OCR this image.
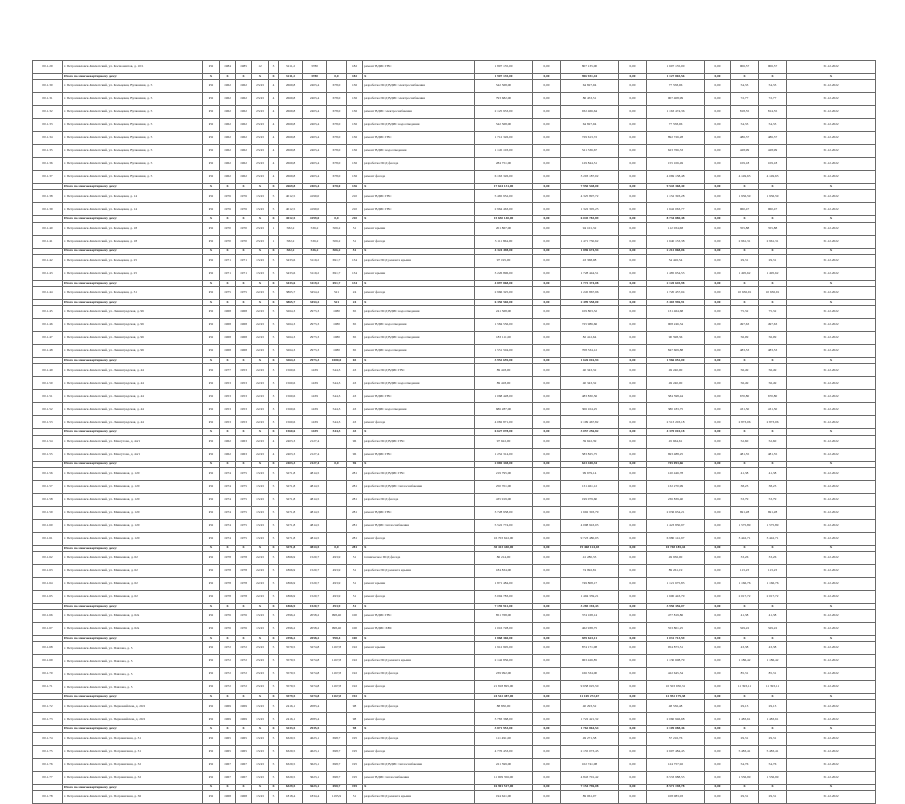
00.1.29	г. Петропавловск-Камчатский, ул. Космонавтов, д. 10/1	РО	1984	1985	12	3	3211,2	3780		182	ремонт ВДИС ГВС	1 807 135,00	0,00	807 135,00	0,00	1 607 135,00	0,00	906,57	906,57	31.12.2022
	Итого по многоквартирному дому:	Х	Х	Х	Х	Х	3211,2	3780	0,0	182	Х	1 907 135,00	0,00	906 931,44	0,00	1 127 865,56	0,00	Х	Х	Х
00.1.30	г. Петропавловск-Камчатский, ул. Кольцевая, Вулканная, д. 5	РО	1962	1962	23/43	4	2669,8	2403,4	678,0	136	разработка ПСД ВДИС электроснабжения	542 568,00	0,00	64 827,94	0,00	77 558,06	0,00	54,33	54,33	31.12.2022
00.1.31	г. Петропавловск-Камчатский, ул. Кольцевая, Вулканная, д. 5	РО	1962	1962	23/43	4	2669,8	2403,4	678,0	136	разработка ПСД ВДИС электроснабжения	793 682,00	0,00	86 453,51	0,00	907 408,99	0,00	72,77	72,77	31.12.2022
00.1.32	г. Петропавловск-Камчатский, ул. Кольцевая, Вулканная, д. 5	РО	1962	1962	23/43	4	2669,8	2403,4	678,0	136	ремонт ВДИС электроснабжения	2 125 933,00	0,00	932 466,64	0,00	1 163 474,36	0,00	818,55	814,55	31.12.2022
00.1.33	г. Петропавловск-Камчатский, ул. Кольцевая, Вулканная, д. 5	РО	1962	1962	23/43	4	2669,8	2403,4	678,0	136	разработка ПСД ВДИС водоотведения	542 568,00	0,00	64 827,94	0,00	77 558,06	0,00	54,33	54,33	31.12.2022
00.1.34	г. Петропавловск-Камчатский, ул. Кольцевая, Вулканная, д. 5	РО	1962	1962	23/43	4	2669,8	2403,4	678,0	136	ремонт ВДИС ГВС	1 712 326,00	0,00	729 613,72	0,00	892 726,28	0,00	486,37	486,37	31.12.2022
00.1.35	г. Петропавловск-Камчатский, ул. Кольцевая, Вулканная, д. 5	РО	1962	1962	23/43	4	2669,8	2403,4	678,0	136	ремонт ВДИС водоотведения	1 145 103,00	0,00	521 336,67	0,00	623 766,33	0,00	428,99	428,99	31.12.2022
00.1.36	г. Петропавловск-Камчатский, ул. Кольцевая, Вулканная, д. 5	РО	1962	1962	23/43	4	2669,8	2403,4	678,0	136	разработка ПСД фасада	284 751,00	0,00	129 844,51	0,00	155 106,49	0,00	109,18	109,18	31.12.2022
00.1.37	г. Петропавловск-Камчатский, ул. Кольцевая, Вулканная, д. 5	РО	1962	1962	23/43	4	2669,8	2403,4	678,0	136	ремонт фасада	6 163 326,00	0,00	3 203 187,02	0,00	4 069 138,48	0,00	4 149,63	4 149,63	31.12.2022
	Итого по многоквартирному дому:	Х	Х	Х	Х	Х	2669,8	2403,4	678,0	136	Х	17 624 131,00	0,00	7 950 548,00	0,00	9 543 368,40	0,00	Х	Х	Х
00.1.38	г. Петропавловск-Камчатский, ул. Кольцевая, д. 14	РО	1976	1976	13/43	5	4012,5	4199,0		210	ремонт ВДИС ГВС	5 465 952,00	0,00	4 325 897,72	0,00	1 152 393,28	0,00	1 936,59	1 936,59	31.12.2022
00.1.39	г. Петропавловск-Камчатский, ул. Кольцевая, д. 14	РО	1976	1976	13/43	5	4012,5	4199,0		210	ремонт ВДИС ГВС	2 964 463,00	0,00	1 322 305,23	0,00	1 642 063,77	0,00	960,47	960,47	31.12.2022
	Итого по многоквартирному дому:	Х	Х	Х	Х	Х	4012,5	4199,0	0,0	210	Х	15 650 140,00	0,00	6 045 783,89	0,00	8 734 880,48	0,00	Х	Х	Х
00.1.40	г. Петропавловск-Камчатский, ул. Кольцевая, д. 18	РО	1970	1970	23/43	1	582,2	536,2	506,2	51	ремонт крыши	201 867,00	0,00	94 101,32	0,00	112 034,68	0,00	355,88	355,88	31.12.2022
00.1.41	г. Петропавловск-Камчатский, ул. Кольцевая, д. 18	РО	1970	1970	23/43	1	582,2	536,2	506,2	51	ремонт фасада	3 111 864,00	0,00	1 471 730,62	0,00	1 640 133,38	0,00	2 961,31	2 961,31	31.12.2022
	Итого по многоквартирному дому:	Х	Х	Х	Х	Х	582,2	536,2	506,2	51	Х	4 324 498,00	0,00	1 896 674,94	0,00	2 212 868,06	0,00	Х	Х	Х
00.1.42	г. Петропавловск-Камчатский, ул. Кольцевая, д. 25	РО	1971	1971	13/43	5	3433,6	3119,2	691,7	134	разработка ПСД ремонта крыши	97 195,00	0,00	43 368,98	0,00	54 426,54	0,00	29,31	29,31	31.12.2022
00.1.43	г. Петропавловск-Камчатский, ул. Кольцевая, д. 25	РО	1971	1971	13/43	5	3433,6	3119,2	691,7	134	ремонт крыши	3 226 896,00	0,00	1 728 444,51	0,00	1 485 654,53	0,00	1 495,62	1 495,62	31.12.2022
	Итого по многоквартирному дому:	Х	Х	Х	Х	Х	3433,6	3119,2	691,7	134	Х	4 897 868,00	0,00	1 772 374,08	0,00	2 120 645,98	0,00	Х	Х	Х
00.1.44	г. Петропавловск-Камчатский, ул. Кольцевая, д. 31	РО	1975	1975	22/43	5	3865,7	3454,2	521	24	ремонт фасада	2 966 325,00	0,00	1 245 867,96	0,00	1 720 457,04	0,00	10 636,91	10 636,91	31.12.2022
	Итого по многоквартирному дому:	Х	Х	Х	Х	Х	3865,7	3454,2	521	24	Х	6 350 560,00	0,00	2 499 558,00	0,00	3 403 996,91	0,00	Х	Х	Х
00.1.45	г. Петропавловск-Камчатский, ул. Ленинградская, д. 96	РО	1968	1968	22/43	5	3264,3	2973,3	1080	65	разработка ПСД ВДИС водоотведения	241 568,00	0,00	109 803,32	0,00	131 464,68	0,00	75,32	75,32	31.12.2022
00.1.46	г. Петропавловск-Камчатский, ул. Ленинградская, д. 96	РО	1968	1968	22/43	5	3264,3	2973,3	1080	65	ремонт ВДИС водоотведения	1 584 556,00	0,00	725 986,66	0,00	908 246,34	0,00	497,63	497,63	31.12.2022
00.1.47	г. Петропавловск-Камчатский, ул. Ленинградская, д. 96	РО	1968	1968	22/43	5	3264,3	2973,3	1080	65	разработка ПСД ВДИС водоотведения	183 111,00	0,00	82 412,64	0,00	90 598,36	0,00	56,09	56,09	31.12.2022
00.1.48	г. Петропавловск-Камчатский, ул. Ленинградская, д. 96	РО	1968	1968	22/43	5	3264,3	2973,3	1080	65	ремонт ВДИС водоотведения	1 551 504,00	0,00	708 334,12	0,00	847 609,88	0,00	483,53	483,53	31.12.2022
	Итого по многоквартирному дому:	Х	Х	Х	Х	Х	3264,3	2973,3	1080,0	65	Х	3 952 659,00	0,00	1 626 016,94	0,00	1 966 052,00	0,00	Х	Х	Х
00.1.49	г. Петропавловск-Камчатский, ул. Ленинградская, д. 44	РО	1977	1953	22/43	3	1560,6	1439	544,3	43	разработка ПСД ВДИС ГВС	89 418,00	0,00	40 343,32	0,00	49 240,00	0,00	56,49	56,49	31.12.2022
00.1.50	г. Петропавловск-Камчатский, ул. Ленинградская, д. 44	РО	1953	1953	22/43	3	1560,6	1439	544,3	43	разработка ПСД ВДИС водоотведения	89 418,00	0,00	40 343,32	0,00	49 240,00	0,00	56,49	56,49	31.12.2022
00.1.51	г. Петропавловск-Камчатский, ул. Ленинградская, д. 44	РО	1953	1953	22/43	3	1560,6	1439	544,3	43	ремонт ВДИС ГВС	1 068 428,00	0,00	483 830,56	0,00	584 598,44	0,00	670,80	670,80	31.12.2022
00.1.52	г. Петропавловск-Камчатский, ул. Ленинградская, д. 44	РО	1953	1953	22/43	3	1560,6	1439	544,3	43	ремонт ВДИС водоотведения	686 287,00	0,00	306 104,25	0,00	380 183,75	0,00	431,50	431,50	31.12.2022
00.1.53	г. Петропавловск-Камчатский, ул. Ленинградская, д. 44	РО	1953	1953	22/43	3	1560,6	1439	544,3	43	ремонт фасада	4 082 871,00	0,00	2 199 467,82	0,00	2 513 203,18	0,00	2 873,06	2 873,06	31.12.2022
	Итого по многоквартирному дому:	Х	Х	Х	Х	Х	1560,6	1439	544,3	43	Х	6 627 078,00	0,00	3 057 256,82	0,00	4 370 010,18	0,00	Х	Х	Х
00.1.54	г. Петропавловск-Камчатский, ул. Максутова, д. 44/1	РО	1962	1963	22/43	4	2403,3	2127,4		96	разработка ПСД ВДИС ГВС	97 622,00	0,00	39 622,39	0,00	45 664,61	0,00	52,60	52,60	31.12.2022
00.1.55	г. Петропавловск-Камчатский, ул. Максутова, д. 44/1	РО	1962	1963	22/43	4	2403,3	2127,4		96	ремонт ВДИС ГВС	1 252 314,00	0,00	583 825,75	0,00	693 488,25	0,00	481,55	481,55	31.12.2022
	Итого по многоквартирному дому:	Х	Х	Х	Х	Х	2403,3	2127,4	0,0	96	Х	2 869 348,00	0,00	623 448,34	0,00	745 093,66	0,00	Х	Х	Х
00.1.56	г. Петропавловск-Камчатский, ул. Мишенная, д. 120	РО	1974	1975	13/43	5	3271,8	4814,5		281	разработка ПСД ВДИС ГВС	219 795,00	0,00	99 679,14	0,00	120 446,78	0,00	41,38	41,38	31.12.2022
00.1.57	г. Петропавловск-Камчатский, ул. Мишенная, д. 120	РО	1974	1975	13/43	5	3271,8	4814,5		281	разработка ПСД ВДИС теплоснабжения	250 701,00	0,00	131 461,12	0,00	132 270,99	0,00	38,23	38,23	31.12.2022
00.1.58	г. Петропавловск-Камчатский, ул. Мишенная, д. 120	РО	1974	1975	13/43	5	3271,8	4814,5		281	разработка ПСД фасада	435 919,00	0,00	199 079,60	0,00	236 839,40	0,00	53,79	53,79	31.12.2022
00.1.59	г. Петропавловск-Камчатский, ул. Мишенная, д. 120	РО	1974	1975	13/43	5	3271,8	4814,5		281	ремонт ВДИС ГВС	3 728 938,00	0,00	1 692 303,79	0,00	2 036 634,21	0,00	691,28	691,28	31.12.2022
00.1.60	г. Петропавловск-Камчатский, ул. Мишенная, д. 120	РО	1974	1975	13/43	5	3271,8	4814,5		281	ремонт ВДИС теплоснабжения	5 522 774,00	0,00	4 098 943,03	0,00	1 423 830,97	0,00	1 575,89	1 575,89	31.12.2022
00.1.61	г. Петропавловск-Камчатский, ул. Мишенная, д. 120	РО	1974	1975	13/43	5	3271,8	4814,5		281	ремонт фасада	16 703 622,00	0,00	9 723 480,03	0,00	6 980 141,97	0,00	3 442,71	3 442,71	31.12.2022
	Итого по многоквартирному дому:	Х	Х	Х	Х	Х	3271,8	4814,5	0,0	281	Х	30 413 440,00	0,00	19 468 124,03	0,00	10 748 185,44	0,00	Х	Х	Х
00.1.62	г. Петропавловск-Камчатский, ул. Мишенная, д. 62	РО	1978	1978	22/43	5	1866,9	1520,7	493,9	51	техническое ПСД фасада	86 214,00	0,00	41 280,33	0,00	49 936,00	0,00	33,26	33,26	31.12.2022
00.1.63	г. Петропавловск-Камчатский, ул. Мишенная, д. 62	РО	1978	1978	22/43	5	1866,9	1520,7	493,9	51	разработка ПСД ремонта крыши	184 834,00	0,00	74 992,81	0,00	89 261,19	0,00	113,23	113,23	31.12.2022
00.1.64	г. Петропавловск-Камчатский, ул. Мишенная, д. 62	РО	1978	1978	22/43	5	1866,9	1520,7	493,9	51	ремонт крыши	1 871 484,00	0,00	749 808,17	0,00	1 121 675,83	0,00	1 166,76	1 166,76	31.12.2022
00.1.65	г. Петропавловск-Камчатский, ул. Мишенная, д. 62	РО	1978	1978	22/43	5	1866,9	1520,7	493,9	51	ремонт фасада	3 094 783,00	0,00	1 494 339,21	0,00	1 600 443,79	0,00	2 017,72	2 017,72	31.12.2022
	Итого по многоквартирному дому:	Х	Х	Х	Х	Х	1866,9	1520,7	493,9	51	Х	7 159 912,00	0,00	3 285 194,43	0,00	3 950 356,07	0,00	Х	Х	Х
00.1.66	г. Петропавловск-Камчатский, ул. Мишенная, д. 62а	РО	1976	1976	13/43	5	2396,2	2058,2	998,40	100	ремонт ВДИС ГВС	851 768,00	0,00	374 168,14	0,00	477 819,86	0,00	41,38	41,38	31.12.2022
00.1.67	г. Петропавловск-Камчатский, ул. Мишенная, д. 62а	РО	1976	1976	13/43	5	2396,2	2058,2	998,40	100	ремонт ВДИС ХВС	1 016 728,00	0,00	462 938,75	0,00	553 801,25	0,00	329,22	329,22	31.12.2022
	Итого по многоквартирному дому:	Х	Х	Х	Х	Х	2396,2	2058,2	998,4	100	Х	1 868 360,00	0,00	839 623,11	0,00	1 031 713,59	0,00	Х	Х	Х
00.1.68	г. Петропавловск-Камчатский, ул. Павлова, д. 5	РО	1972	1972	23/43	5	3579,5	3274,8	1167,8	192	ремонт крыши	1 912 995,00	0,00	874 171,08	0,00	954 873,51	0,00	43,38	43,38	31.12.2022
00.1.69	г. Петропавловск-Камчатский, ул. Павлова, д. 5	РО	1972	1972	23/43	5	3579,5	3274,8	1167,8	192	разработка ПСД ремонта крыши	2 142 856,00	0,00	963 426,85	0,00	1 130 608,79	0,00	1 186,42	1 186,42	31.12.2022
00.1.70	г. Петропавловск-Камчатский, ул. Павлова, д. 5	РО	1972	1972	23/43	5	3579,5	3274,8	1167,8	192	разработка ПСД фасада	239 992,00	0,00	166 334,00	0,00	422 645,54	0,00	85,31	85,31	31.12.2022
00.1.71	г. Петропавловск-Камчатский, ул. Павлова, д. 5	РО	1972	1972	23/43	5	3579,5	3274,8	1167,8	192	ремонт фасада	21 818 895,00	0,00	9 658 025,50	0,00	10 503 930,31	0,00	11 393,11	11 393,11	31.12.2022
	Итого по многоквартирному дому:	Х	Х	Х	Х	Х	3579,5	3274,8	1167,8	192	Х	24 512 487,00	0,00	11 169 272,67	0,00	12 952 179,38	0,00	Х	Х	Х
00.1.72	г. Петропавловск-Камчатский, ул. Первомайская, д. 20/2	РО	1969	1969	13/43	5	2416,1	2083,4		98	разработка ПСД фасада	88 830,00	0,00	40 293,52	0,00	48 536,48	0,00	29,13	29,13	31.12.2022
00.1.73	г. Петропавловск-Камчатский, ул. Первомайская, д. 20/2	РО	1969	1969	13/43	5	2416,1	2083,4		98	ремонт фасада	3 783 368,00	0,00	1 722 421,32	0,00	2 060 946,68	0,00	1 483,61	1 483,61	31.12.2022
	Итого по многоквартирному дому:	Х	Х	Х	Х	Х	3233,5	2935,5		98	Х	3 871 953,00	0,00	1 762 864,54	0,00	2 109 088,46	0,00	Х	Х	Х
00.1.74	г. Петропавловск-Камчатский, ул. Пограничная, д. 31	РО	1965	1965	13/43	5	6329,5	4623,1	698,7	195	разработка ПСД фасада	111 491,00	0,00	49 271,58	0,00	57 216,76	0,00	29,31	29,31	31.12.2022
00.1.75	г. Петропавловск-Камчатский, ул. Пограничная, д. 31	РО	1965	1965	13/43	5	6329,5	4623,1	698,7	195	ремонт фасада	4 776 433,00	0,00	2 155 073,45	0,00	2 607 484,45	0,00	5 483,41	5 483,41	31.12.2022
00.1.76	г. Петропавловск-Камчатский, ул. Пограничная, д. 32	РО	1967	1967	13/43	5	6329,5	3623,1	698,7	195	разработка ПСД ВДИС теплоснабжения	221 599,00	0,00	102 741,08	0,00	124 757,92	0,00	54,76	54,76	31.12.2022
00.1.77	г. Петропавловск-Камчатский, ул. Пограничная, д. 32	РО	1967	1967	13/43	5	6329,5	3623,1	698,7	195	ремонт ВДИС теплоснабжения	11 909 356,00	0,00	4 843 701,42	0,00	6 533 988,53	0,00	1 536,99	1 536,99	31.12.2022
	Итого по многоквартирному дому:	Х	Х	Х	Х	Х	6329,5	3623,1	698,7	195	Х	16 901 517,00	0,00	7 154 796,08	0,00	8 571 198,78	0,00	Х	Х	Х
00.1.78	г. Петропавловск-Камчатский, ул. Пограничная, д. 36	РО	1968	1968	13/43	5	1818,4	1834,4	1195,9	51	разработка ПСД ремонта крыши	194 621,00	0,00	89 061,07	0,00	108 083,03	0,00	29,31	29,31	31.12.2022
